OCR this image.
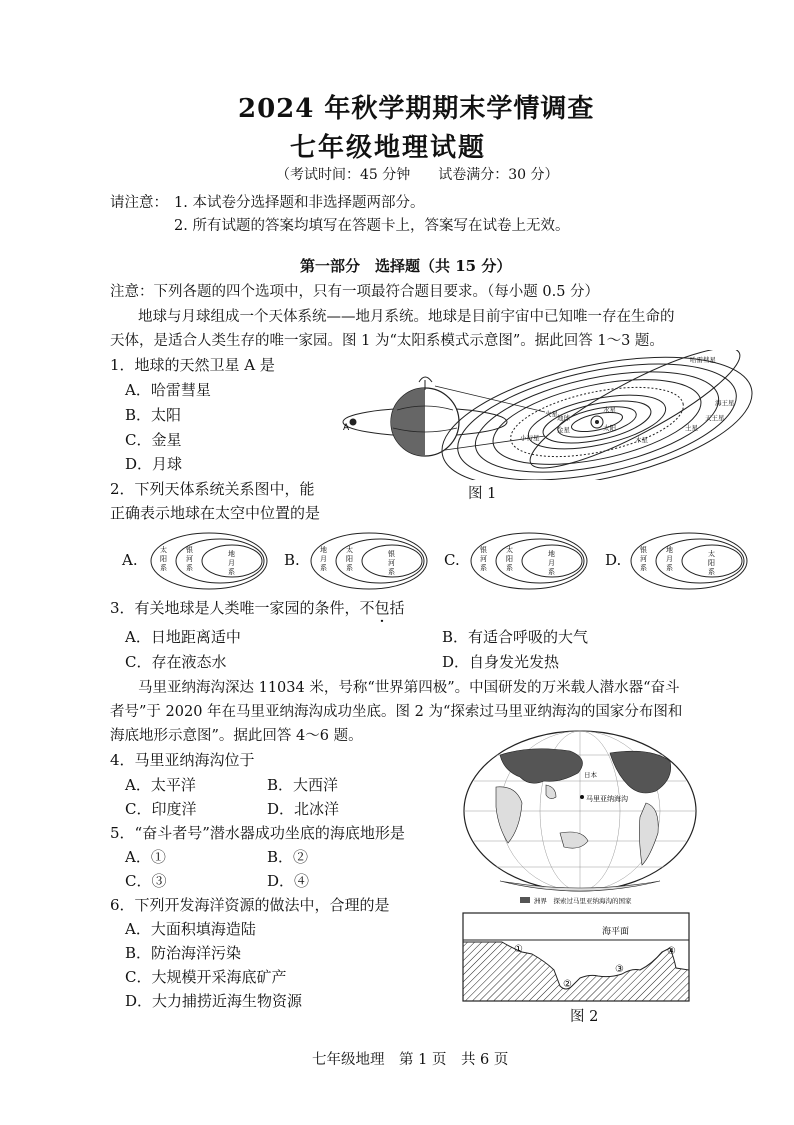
2024 年秋学期期末学情调查
七年级地理试题
（考试时间：45 分钟　　试卷满分：30 分）
请注意： 1. 本试卷分选择题和非选择题两部分。
2. 所有试题的答案均填写在答题卡上，答案写在试卷上无效。
第一部分　选择题（共 15 分）
注意：下列各题的四个选项中，只有一项最符合题目要求。（每小题 0.5 分）
地球与月球组成一个天体系统——地月系统。地球是目前宇宙中已知唯一存在生命的
天体，是适合人类生存的唯一家园。图 1 为“太阳系模式示意图”。据此回答 1～3 题。
1．地球的天然卫星 A 是
A．哈雷彗星
B．太阳
C．金星
D．月球
A
哈雷彗星
海王星
天王星
土星
水星
太阳
火星
金星
地球
木星
小行星
图 1
2．下列天体系统关系图中，能
正确表示地球在太空中位置的是
A.
太阳系
银河系
地月系
B.
地月系
太阳系
银河系
C.
银河系
太阳系
地月系
D.
银河系
地月系
太阳系
3．有关地球是人类唯一家园的条件，不包括
A．日地距离适中	B．有适合呼吸的大气
C．存在液态水	D．自身发光发热
马里亚纳海沟深达 11034 米，号称“世界第四极”。中国研发的万米载人潜水器“奋斗
者号”于 2020 年在马里亚纳海沟成功坐底。图 2 为“探索过马里亚纳海沟的国家分布图和
海底地形示意图”。据此回答 4～6 题。
4．马里亚纳海沟位于
A．太平洋	B．大西洋
C．印度洋	D．北冰洋
5．“奋斗者号”潜水器成功坐底的海底地形是
A．①	B．②
C．③	D．④
6．下列开发海洋资源的做法中，合理的是
A．大面积填海造陆
B．防治海洋污染
C．大规模开采海底矿产
D．大力捕捞近海生物资源
马里亚纳海沟
日本
洲界　探索过马里亚纳海沟的国家
海平面
①
②
③
④
图 2
七年级地理　第 1 页　共 6 页
